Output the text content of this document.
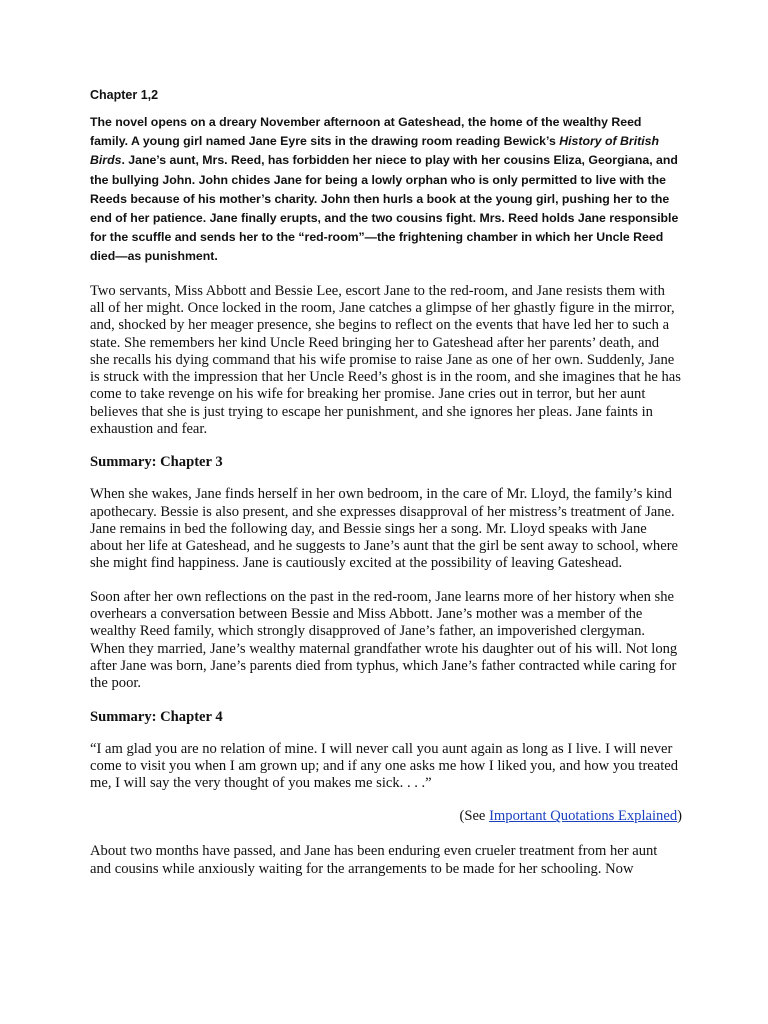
Chapter 1,2

The novel opens on a dreary November afternoon at Gateshead, the home of the wealthy Reed family. A young girl named Jane Eyre sits in the drawing room reading Bewick’s History of British Birds. Jane’s aunt, Mrs. Reed, has forbidden her niece to play with her cousins Eliza, Georgiana, and the bullying John. John chides Jane for being a lowly orphan who is only permitted to live with the Reeds because of his mother’s charity. John then hurls a book at the young girl, pushing her to the end of her patience. Jane finally erupts, and the two cousins fight. Mrs. Reed holds Jane responsible for the scuffle and sends her to the “red-room”—the frightening chamber in which her Uncle Reed died—as punishment.

Two servants, Miss Abbott and Bessie Lee, escort Jane to the red-room, and Jane resists them with all of her might. Once locked in the room, Jane catches a glimpse of her ghastly figure in the mirror, and, shocked by her meager presence, she begins to reflect on the events that have led her to such a state. She remembers her kind Uncle Reed bringing her to Gateshead after her parents’ death, and she recalls his dying command that his wife promise to raise Jane as one of her own. Suddenly, Jane is struck with the impression that her Uncle Reed’s ghost is in the room, and she imagines that he has come to take revenge on his wife for breaking her promise. Jane cries out in terror, but her aunt believes that she is just trying to escape her punishment, and she ignores her pleas. Jane faints in exhaustion and fear.

Summary: Chapter 3

When she wakes, Jane finds herself in her own bedroom, in the care of Mr. Lloyd, the family’s kind apothecary. Bessie is also present, and she expresses disapproval of her mistress’s treatment of Jane. Jane remains in bed the following day, and Bessie sings her a song. Mr. Lloyd speaks with Jane about her life at Gateshead, and he suggests to Jane’s aunt that the girl be sent away to school, where she might find happiness. Jane is cautiously excited at the possibility of leaving Gateshead.

Soon after her own reflections on the past in the red-room, Jane learns more of her history when she overhears a conversation between Bessie and Miss Abbott. Jane’s mother was a member of the wealthy Reed family, which strongly disapproved of Jane’s father, an impoverished clergyman. When they married, Jane’s wealthy maternal grandfather wrote his daughter out of his will. Not long after Jane was born, Jane’s parents died from typhus, which Jane’s father contracted while caring for the poor.

Summary: Chapter 4

“I am glad you are no relation of mine. I will never call you aunt again as long as I live. I will never come to visit you when I am grown up; and if any one asks me how I liked you, and how you treated me, I will say the very thought of you makes me sick. . . .”

(See Important Quotations Explained)

About two months have passed, and Jane has been enduring even crueler treatment from her aunt and cousins while anxiously waiting for the arrangements to be made for her schooling. Now
